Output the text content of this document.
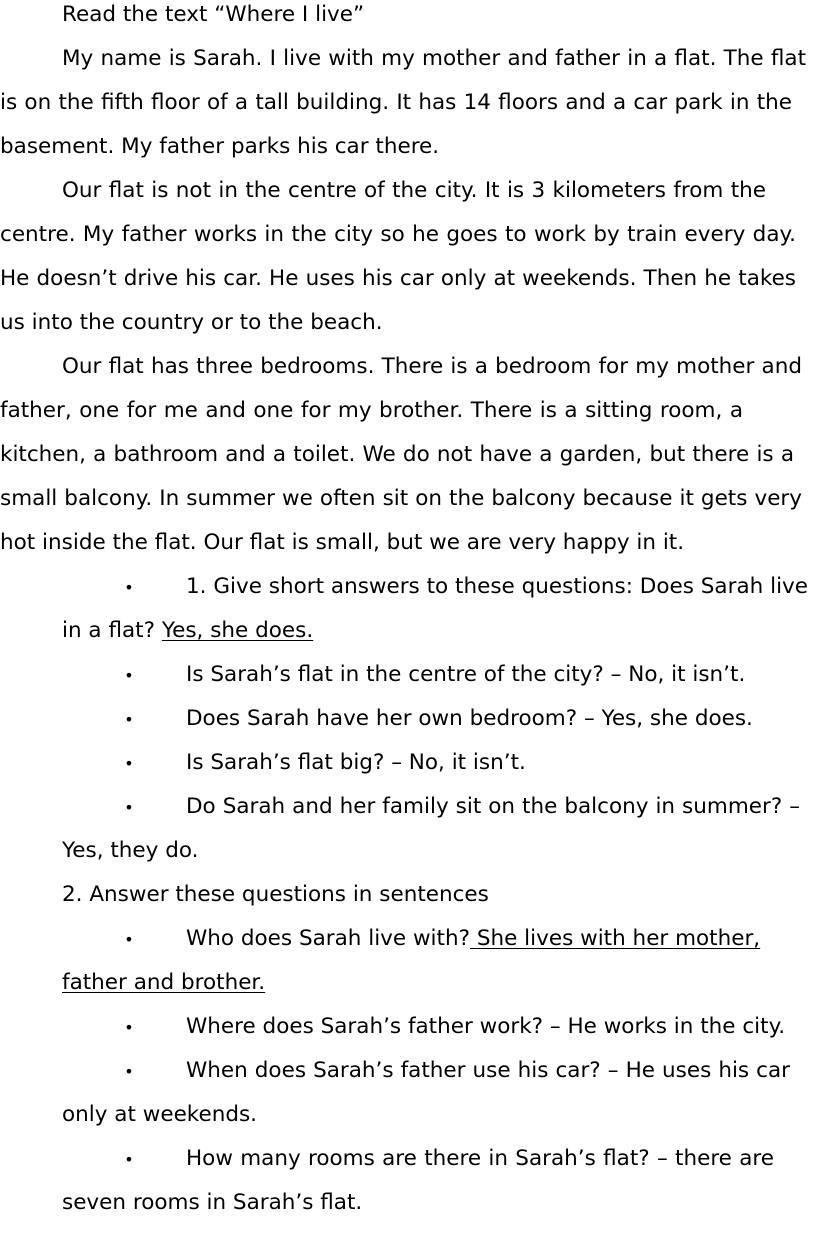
Read the text “Where I live”
My name is Sarah. I live with my mother and father in a flat. The flat
is on the fifth floor of a tall building. It has 14 floors and a car park in the
basement. My father parks his car there.
Our flat is not in the centre of the city. It is 3 kilometers from the
centre. My father works in the city so he goes to work by train every day.
He doesn’t drive his car. He uses his car only at weekends. Then he takes
us into the country or to the beach.
Our flat has three bedrooms. There is a bedroom for my mother and
father, one for me and one for my brother. There is a sitting room, a
kitchen, a bathroom and a toilet. We do not have a garden, but there is a
small balcony. In summer we often sit on the balcony because it gets very
hot inside the flat. Our flat is small, but we are very happy in it.
• 1. Give short answers to these questions: Does Sarah live
in a flat? Yes, she does.
• Is Sarah’s flat in the centre of the city? – No, it isn’t.
• Does Sarah have her own bedroom? – Yes, she does.
• Is Sarah’s flat big? – No, it isn’t.
• Do Sarah and her family sit on the balcony in summer? –
Yes, they do.
2. Answer these questions in sentences
• Who does Sarah live with? She lives with her mother,
father and brother.
• Where does Sarah’s father work? – He works in the city.
• When does Sarah’s father use his car? – He uses his car
only at weekends.
• How many rooms are there in Sarah’s flat? – there are
seven rooms in Sarah’s flat.
